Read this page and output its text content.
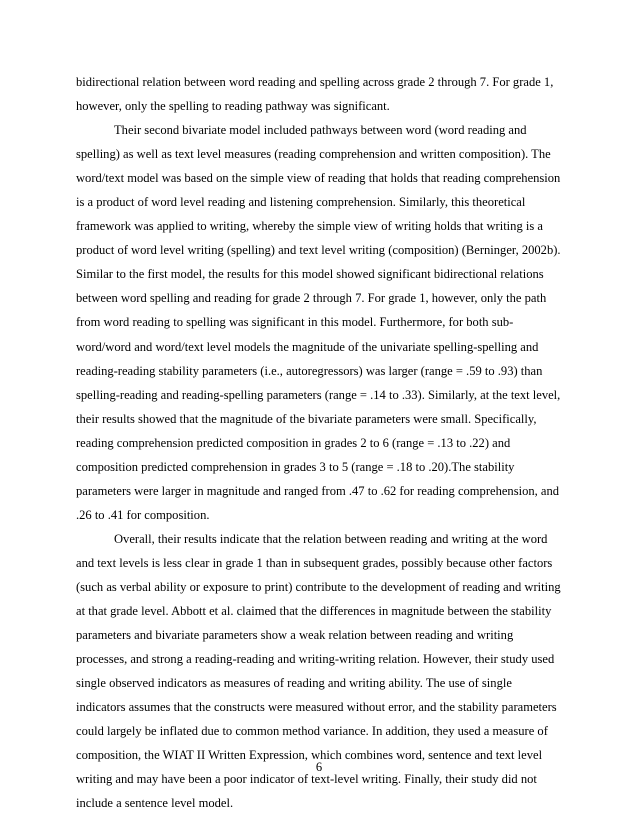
bidirectional relation between word reading and spelling across grade 2 through 7. For grade 1,
however, only the spelling to reading pathway was significant.
Their second bivariate model included pathways between word (word reading and
spelling) as well as text level measures (reading comprehension and written composition). The
word/text model was based on the simple view of reading that holds that reading comprehension
is a product of word level reading and listening comprehension. Similarly, this theoretical
framework was applied to writing, whereby the simple view of writing holds that writing is a
product of word level writing (spelling) and text level writing (composition) (Berninger, 2002b).
Similar to the first model, the results for this model showed significant bidirectional relations
between word spelling and reading for grade 2 through 7. For grade 1, however, only the path
from word reading to spelling was significant in this model. Furthermore, for both sub-
word/word and word/text level models the magnitude of the univariate spelling-spelling and
reading-reading stability parameters (i.e., autoregressors) was larger (range = .59 to .93) than
spelling-reading and reading-spelling parameters (range = .14 to .33). Similarly, at the text level,
their results showed that the magnitude of the bivariate parameters were small. Specifically,
reading comprehension predicted composition in grades 2 to 6 (range = .13 to .22) and
composition predicted comprehension in grades 3 to 5 (range = .18 to .20).The stability
parameters were larger in magnitude and ranged from .47 to .62 for reading comprehension, and
.26 to .41 for composition.
Overall, their results indicate that the relation between reading and writing at the word
and text levels is less clear in grade 1 than in subsequent grades, possibly because other factors
(such as verbal ability or exposure to print) contribute to the development of reading and writing
at that grade level. Abbott et al. claimed that the differences in magnitude between the stability
parameters and bivariate parameters show a weak relation between reading and writing
processes, and strong a reading-reading and writing-writing relation. However, their study used
single observed indicators as measures of reading and writing ability. The use of single
indicators assumes that the constructs were measured without error, and the stability parameters
could largely be inflated due to common method variance. In addition, they used a measure of
composition, the WIAT II Written Expression, which combines word, sentence and text level
writing and may have been a poor indicator of text-level writing. Finally, their study did not
include a sentence level model.
6
